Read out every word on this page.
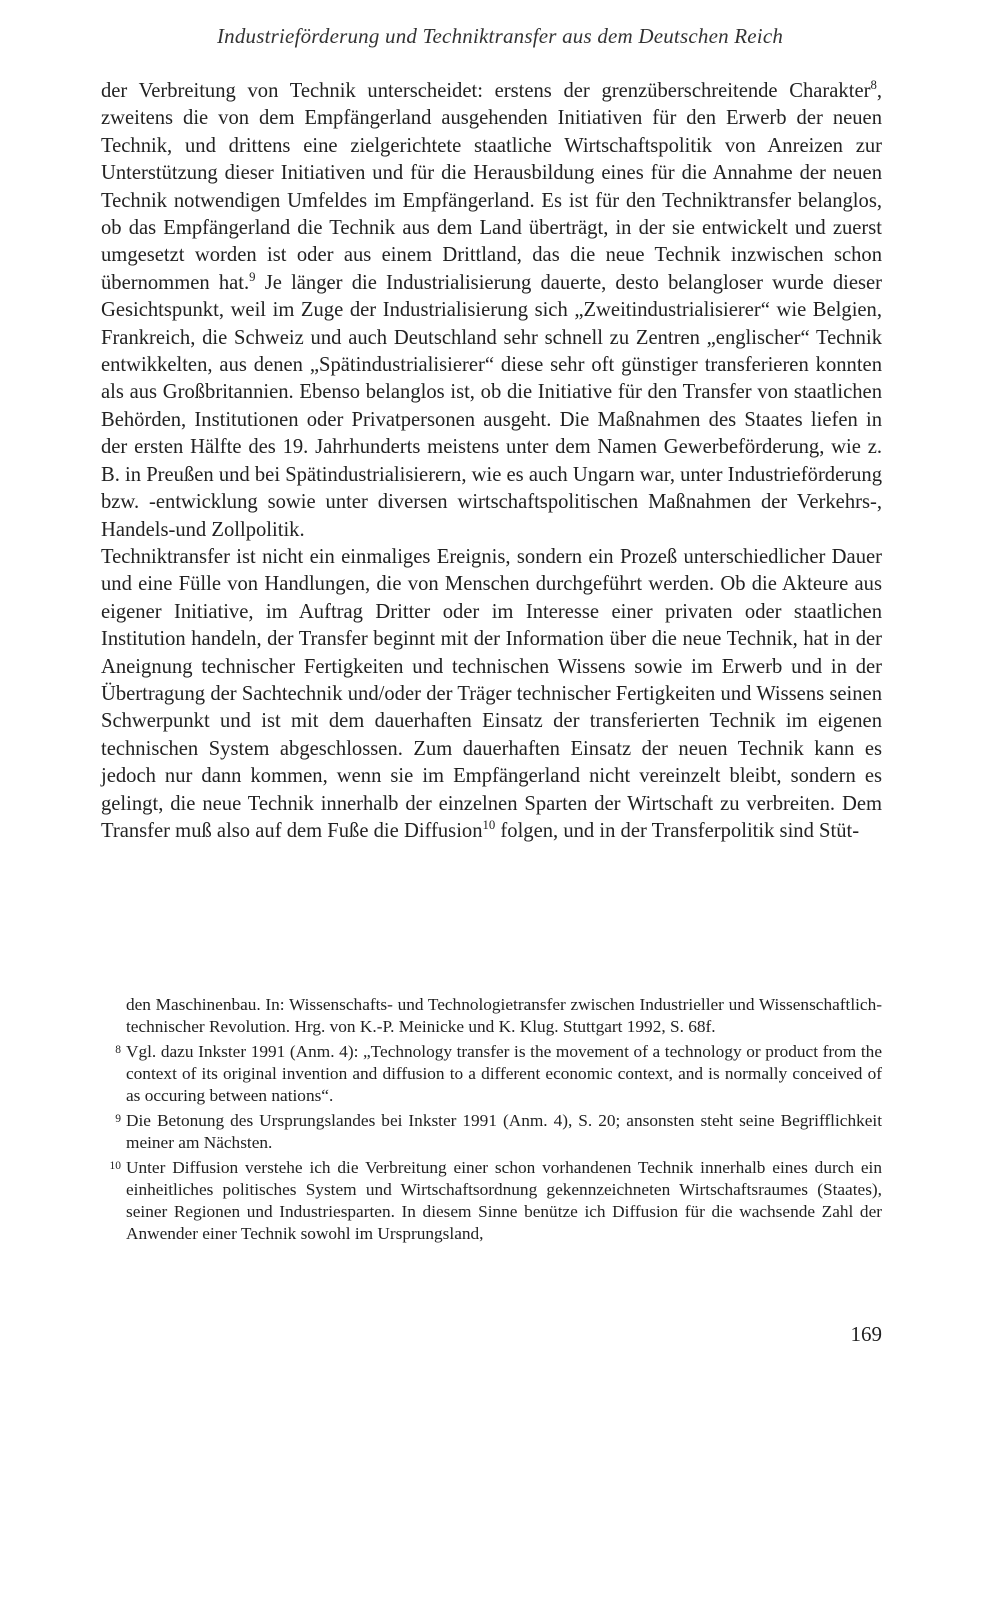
Industrieförderung und Techniktransfer aus dem Deutschen Reich

der Verbreitung von Technik unterscheidet: erstens der grenzüberschreitende Charakter$^8$, zweitens die von dem Empfängerland ausgehenden Initiativen für den Erwerb der neuen Technik, und drittens eine zielgerichtete staatliche Wirtschaftspolitik von Anreizen zur Unterstützung dieser Initiativen und für die Herausbildung eines für die Annahme der neuen Technik notwendigen Umfeldes im Empfängerland. Es ist für den Techniktransfer belanglos, ob das Empfängerland die Technik aus dem Land überträgt, in der sie entwickelt und zuerst umgesetzt worden ist oder aus einem Drittland, das die neue Technik inzwischen schon übernommen hat.$^9$ Je länger die Industrialisierung dauerte, desto belangloser wurde dieser Gesichtspunkt, weil im Zuge der Industrialisierung sich „Zweitindustrialisierer“ wie Belgien, Frankreich, die Schweiz und auch Deutschland sehr schnell zu Zentren „englischer“ Technik entwikkelten, aus denen „Spätindustrialisierer“ diese sehr oft günstiger transferieren konnten als aus Großbritannien. Ebenso belanglos ist, ob die Initiative für den Transfer von staatlichen Behörden, Institutionen oder Privatpersonen ausgeht. Die Maßnahmen des Staates liefen in der ersten Hälfte des 19. Jahrhunderts meistens unter dem Namen Gewerbeförderung, wie z. B. in Preußen und bei Spätindustrialisierern, wie es auch Ungarn war, unter Industrieförderung bzw. -entwicklung sowie unter diversen wirtschaftspolitischen Maßnahmen der Verkehrs-, Handels-und Zollpolitik.

Techniktransfer ist nicht ein einmaliges Ereignis, sondern ein Prozeß unterschiedlicher Dauer und eine Fülle von Handlungen, die von Menschen durchgeführt werden. Ob die Akteure aus eigener Initiative, im Auftrag Dritter oder im Interesse einer privaten oder staatlichen Institution handeln, der Transfer beginnt mit der Information über die neue Technik, hat in der Aneignung technischer Fertigkeiten und technischen Wissens sowie im Erwerb und in der Übertragung der Sachtechnik und/oder der Träger technischer Fertigkeiten und Wissens seinen Schwerpunkt und ist mit dem dauerhaften Einsatz der transferierten Technik im eigenen technischen System abgeschlossen. Zum dauerhaften Einsatz der neuen Technik kann es jedoch nur dann kommen, wenn sie im Empfängerland nicht vereinzelt bleibt, sondern es gelingt, die neue Technik innerhalb der einzelnen Sparten der Wirtschaft zu verbreiten. Dem Transfer muß also auf dem Fuße die Diffusion$^{10}$ folgen, und in der Transferpolitik sind Stüt-

den Maschinenbau. In: Wissenschafts- und Technologietransfer zwischen Industrieller und Wissenschaftlich-technischer Revolution. Hrg. von K.-P. Meinicke und K. Klug. Stuttgart 1992, S. 68f.
8 Vgl. dazu Inkster 1991 (Anm. 4): „Technology transfer is the movement of a technology or product from the context of its original invention and diffusion to a different economic context, and is normally conceived of as occuring between nations“.
9 Die Betonung des Ursprungslandes bei Inkster 1991 (Anm. 4), S. 20; ansonsten steht seine Begrifflichkeit meiner am Nächsten.
10 Unter Diffusion verstehe ich die Verbreitung einer schon vorhandenen Technik innerhalb eines durch ein einheitliches politisches System und Wirtschaftsordnung gekennzeichneten Wirtschaftsraumes (Staates), seiner Regionen und Industriesparten. In diesem Sinne benütze ich Diffusion für die wachsende Zahl der Anwender einer Technik sowohl im Ursprungsland,
169
